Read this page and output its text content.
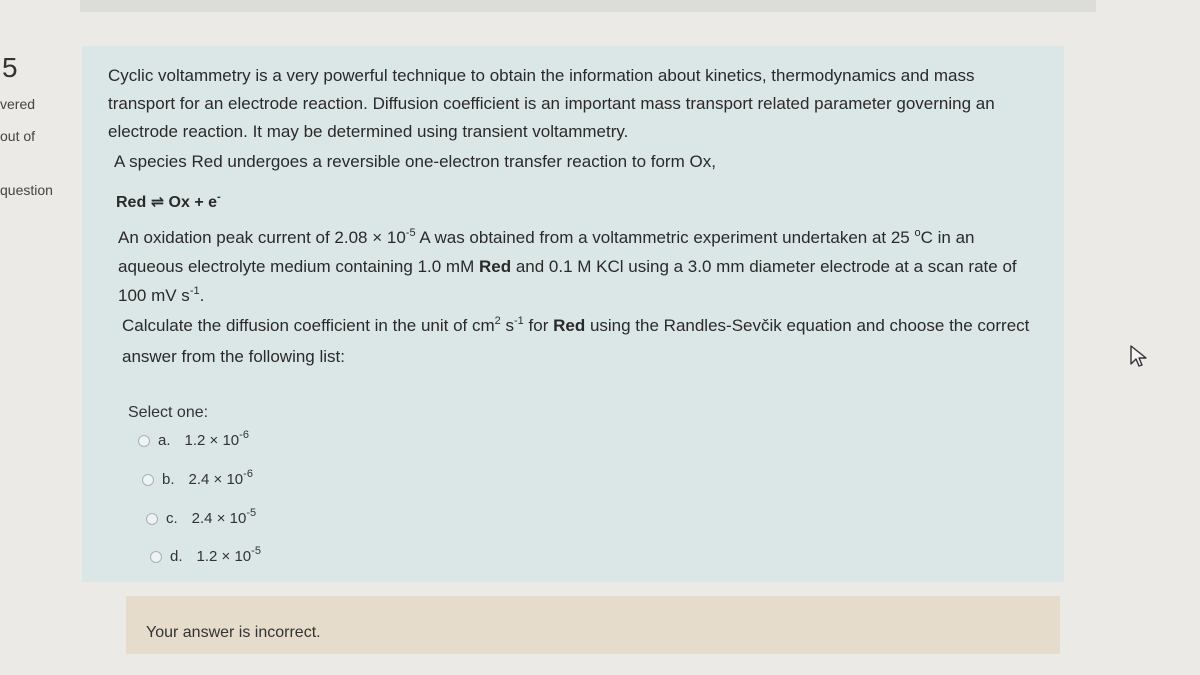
5
vered
out of
question
Cyclic voltammetry is a very powerful technique to obtain the information about kinetics, thermodynamics and mass
transport for an electrode reaction. Diffusion coefficient is an important mass transport related parameter governing an
electrode reaction. It may be determined using transient voltammetry.
A species Red undergoes a reversible one-electron transfer reaction to form Ox,
Red ⇌ Ox + e-
An oxidation peak current of $2.08 \times 10^{-5}$ A was obtained from a voltammetric experiment undertaken at 25 $^o$C in an
aqueous electrolyte medium containing 1.0 mM Red and 0.1 M KCl using a 3.0 mm diameter electrode at a scan rate of
100 mV $s^{-1}$.
Calculate the diffusion coefficient in the unit of $cm^2$ $s^{-1}$ for Red using the Randles-Sevčik equation and choose the correct
answer from the following list:
Select one:
a. $1.2 \times 10^{-6}$
b. $2.4 \times 10^{-6}$
c. $2.4 \times 10^{-5}$
d. $1.2 \times 10^{-5}$
Your answer is incorrect.
